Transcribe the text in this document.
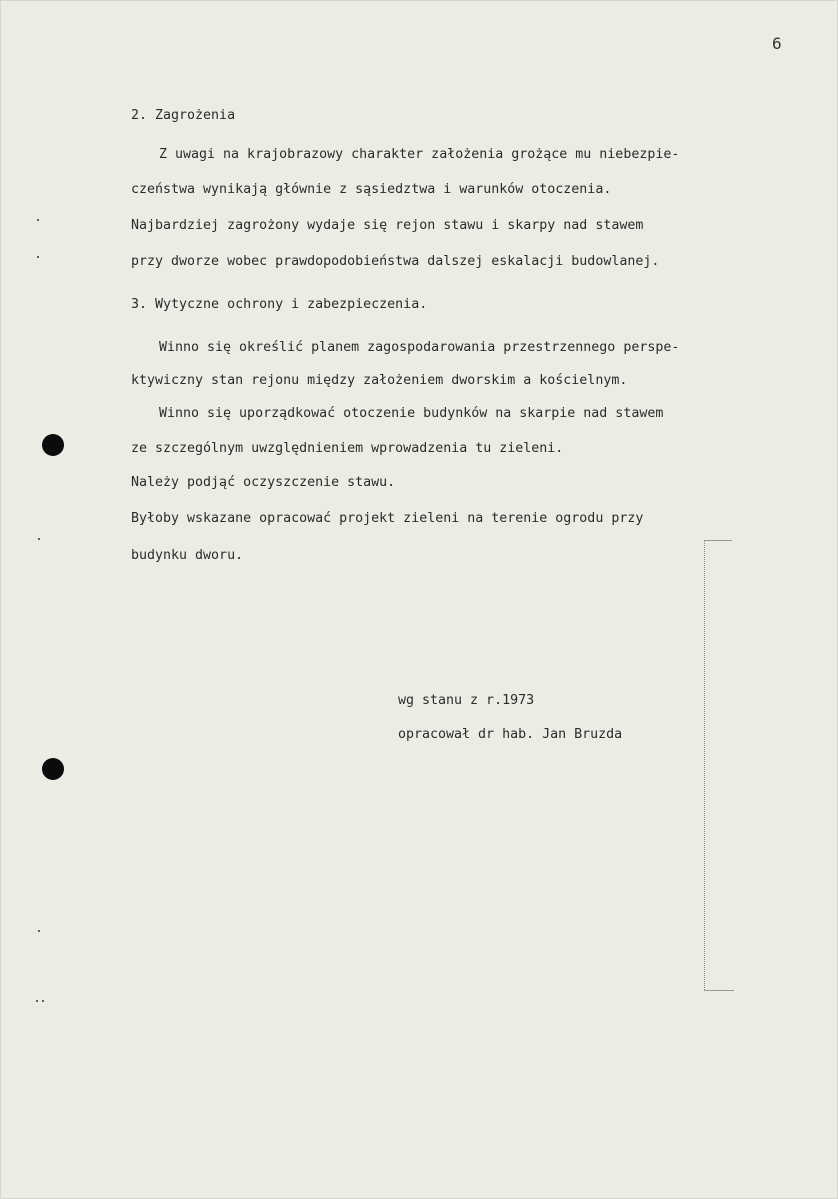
6
2. Zagrożenia
Z uwagi na krajobrazowy charakter założenia grożące mu niebezpie-
czeństwa wynikają głównie z sąsiedztwa i warunków otoczenia.
Najbardziej zagrożony wydaje się rejon stawu i skarpy nad stawem
przy dworze wobec prawdopodobieństwa dalszej eskalacji budowlanej.
3. Wytyczne ochrony i zabezpieczenia.
Winno się określić planem zagospodarowania przestrzennego perspe-
ktywiczny stan rejonu między założeniem dworskim a kościelnym.
Winno się uporządkować otoczenie budynków na skarpie nad stawem
ze szczególnym uwzględnieniem wprowadzenia tu zieleni.
Należy podjąć oczyszczenie stawu.
Byłoby wskazane opracować projekt zieleni na terenie ogrodu przy
budynku dworu.
wg stanu z r.1973
opracował dr hab. Jan Bruzda
